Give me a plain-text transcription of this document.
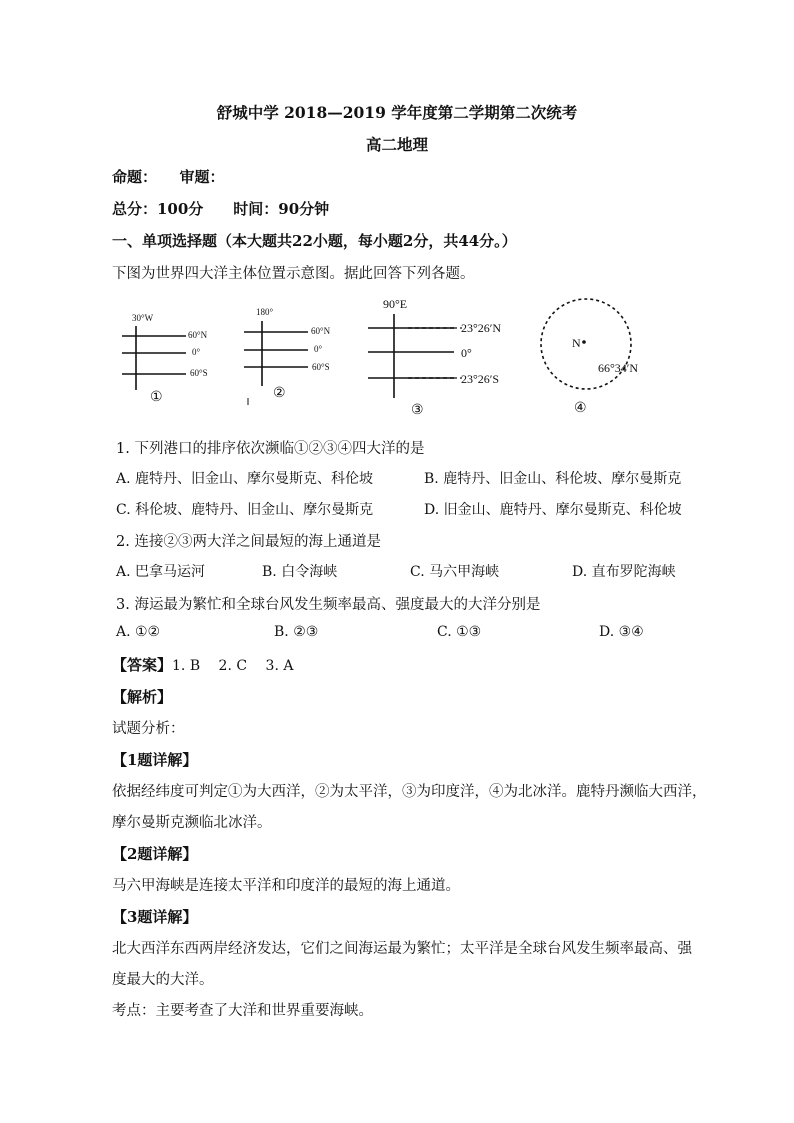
舒城中学 2018—2019 学年度第二学期第二次统考
高二地理
命题：　　审题：
总分：100分　　时间：90分钟
一、单项选择题（本大题共22小题，每小题2分，共44分。）
下图为世界四大洋主体位置示意图。据此回答下列各题。
30°W
60°N
0°
60°S
①
180°
60°N
0°
60°S
②
90°E
23°26′N
0°
23°26′S
③
N
66°34′N
④
1. 下列港口的排序依次濒临①②③④四大洋的是
A. 鹿特丹、旧金山、摩尔曼斯克、科伦坡	B. 鹿特丹、旧金山、科伦坡、摩尔曼斯克
C. 科伦坡、鹿特丹、旧金山、摩尔曼斯克	D. 旧金山、鹿特丹、摩尔曼斯克、科伦坡
2. 连接②③两大洋之间最短的海上通道是
A. 巴拿马运河	B. 白令海峡	C. 马六甲海峡	D. 直布罗陀海峡
3. 海运最为繁忙和全球台风发生频率最高、强度最大的大洋分别是
A. ①②	B. ②③	C. ①③	D. ③④
【答案】1. B　 2. C　 3. A
【解析】
试题分析：
【1题详解】
依据经纬度可判定①为大西洋，②为太平洋，③为印度洋，④为北冰洋。鹿特丹濒临大西洋，
摩尔曼斯克濒临北冰洋。
【2题详解】
马六甲海峡是连接太平洋和印度洋的最短的海上通道。
【3题详解】
北大西洋东西两岸经济发达，它们之间海运最为繁忙；太平洋是全球台风发生频率最高、强
度最大的大洋。
考点：主要考查了大洋和世界重要海峡。
